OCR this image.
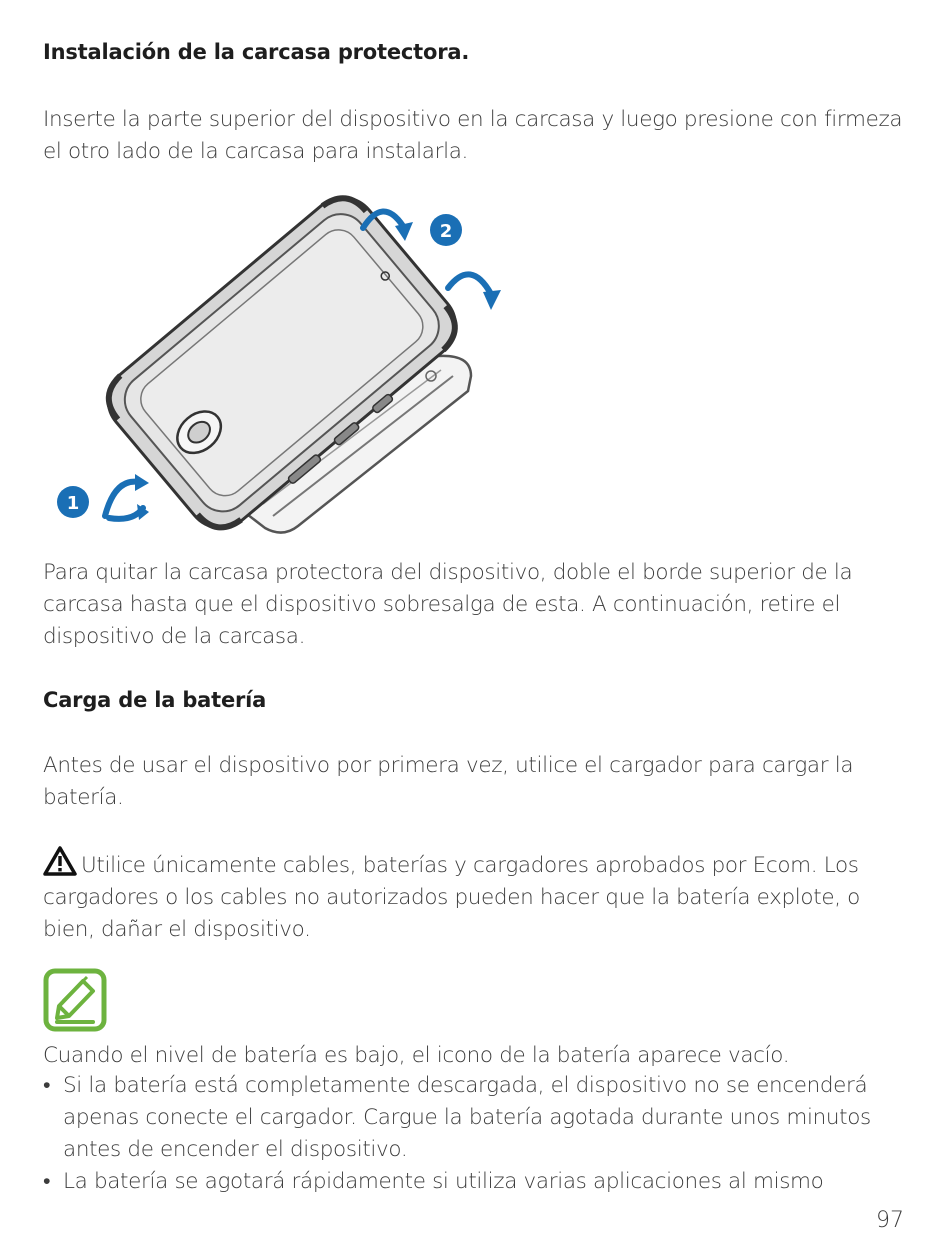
Instalación de la carcasa protectora.

Inserte la parte superior del dispositivo en la carcasa y luego presione con firmeza el otro lado de la carcasa para instalarla.

2
1

Para quitar la carcasa protectora del dispositivo, doble el borde superior de la carcasa hasta que el dispositivo sobresalga de esta. A continuación, retire el dispositivo de la carcasa.

Carga de la batería

Antes de usar el dispositivo por primera vez, utilice el cargador para cargar la batería.

Utilice únicamente cables, baterías y cargadores aprobados por Ecom. Los cargadores o los cables no autorizados pueden hacer que la batería explote, o bien, dañar el dispositivo.

Cuando el nivel de batería es bajo, el icono de la batería aparece vacío.

• Si la batería está completamente descargada, el dispositivo no se encenderá apenas conecte el cargador. Cargue la batería agotada durante unos minutos antes de encender el dispositivo.
• La batería se agotará rápidamente si utiliza varias aplicaciones al mismo
97
